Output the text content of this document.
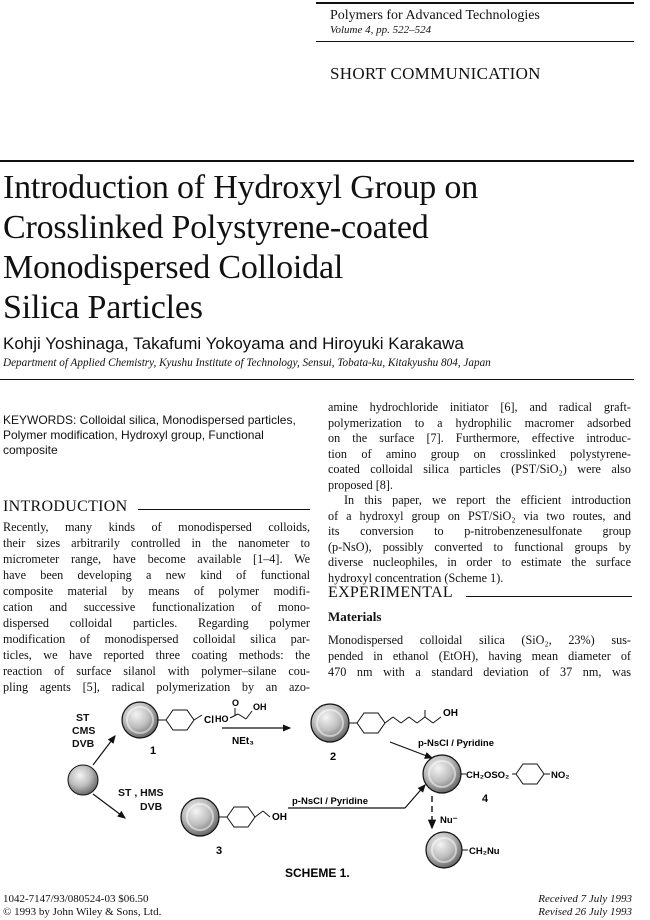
Polymers for Advanced Technologies
Volume 4, pp. 522–524
SHORT COMMUNICATION
Introduction of Hydroxyl Group on
Crosslinked Polystyrene-coated
Monodispersed Colloidal
Silica Particles
Kohji Yoshinaga, Takafumi Yokoyama and Hiroyuki Karakawa
Department of Applied Chemistry, Kyushu Institute of Technology, Sensui, Tobata-ku, Kitakyushu 804, Japan
KEYWORDS: Colloidal silica, Monodispersed particles, Polymer modification, Hydroxyl group, Functional composite
INTRODUCTION
Recently, many kinds of monodispersed colloids,
their sizes arbitrarily controlled in the nanometer to
micrometer range, have become available [1–4]. We
have been developing a new kind of functional
composite material by means of polymer modifi-
cation and successive functionalization of mono-
dispersed colloidal particles. Regarding polymer
modification of monodispersed colloidal silica par-
ticles, we have reported three coating methods: the
reaction of surface silanol with polymer–silane cou-
pling agents [5], radical polymerization by an azo-
amine hydrochloride initiator [6], and radical graft-
polymerization to a hydrophilic macromer adsorbed
on the surface [7]. Furthermore, effective introduc-
tion of amino group on crosslinked polystyrene-
coated colloidal silica particles (PST/SiO₂) were also
proposed [8].
In this paper, we report the efficient introduction
of a hydroxyl group on PST/SiO₂ via two routes, and
its conversion to p-nitrobenzenesulfonate group
(p-NsO), possibly converted to functional groups by
diverse nucleophiles, in order to estimate the surface
hydroxyl concentration (Scheme 1).
EXPERIMENTAL
Materials
Monodispersed colloidal silica (SiO₂, 23%) sus-
pended in ethanol (EtOH), having mean diameter of
470 nm with a standard deviation of 37 nm, was
ST
CMS
DVB
ST , HMS
DVB
Cl
1
O
HO
OH
NEt₃
OH
2
p-NsCl / Pyridine
OH
3
p-NsCl / Pyridine
CH₂OSO₂	NO₂
4
Nu⁻
CH₂Nu
SCHEME 1.
1042-7147/93/080524-03 $06.50
© 1993 by John Wiley & Sons, Ltd.
Received 7 July 1993
Revised 26 July 1993
